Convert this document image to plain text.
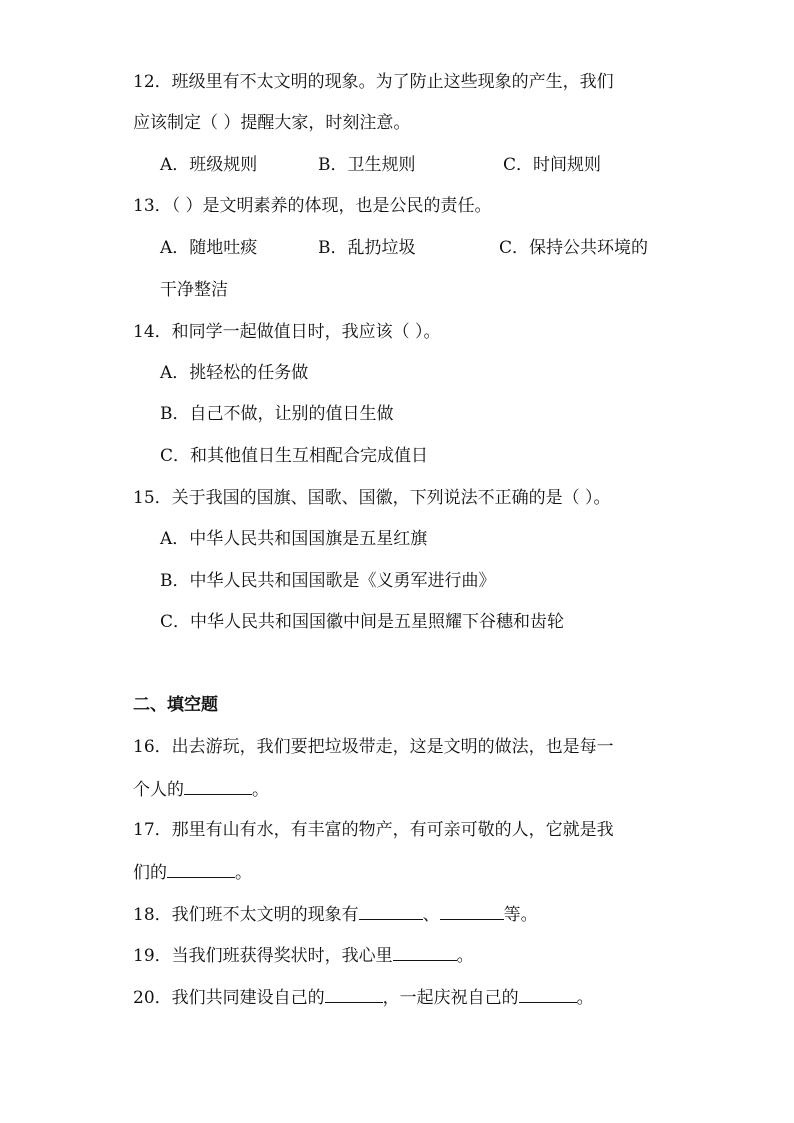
12．班级里有不太文明的现象。为了防止这些现象的产生，我们
应该制定（ ）提醒大家，时刻注意。
A．班级规则	B．卫生规则	C．时间规则
13．（ ）是文明素养的体现，也是公民的责任。
A．随地吐痰	B．乱扔垃圾	C．保持公共环境的
干净整洁
14．和同学一起做值日时，我应该（ ）。
A．挑轻松的任务做
B．自己不做，让别的值日生做
C．和其他值日生互相配合完成值日
15．关于我国的国旗、国歌、国徽，下列说法不正确的是（ ）。
A．中华人民共和国国旗是五星红旗
B．中华人民共和国国歌是《义勇军进行曲》
C．中华人民共和国国徽中间是五星照耀下谷穗和齿轮
二、填空题
16．出去游玩，我们要把垃圾带走，这是文明的做法，也是每一
个人的	。
17．那里有山有水，有丰富的物产，有可亲可敬的人，它就是我
们的	。
18．我们班不太文明的现象有	、	等。
19．当我们班获得奖状时，我心里	。
20．我们共同建设自己的	，一起庆祝自己的	。
